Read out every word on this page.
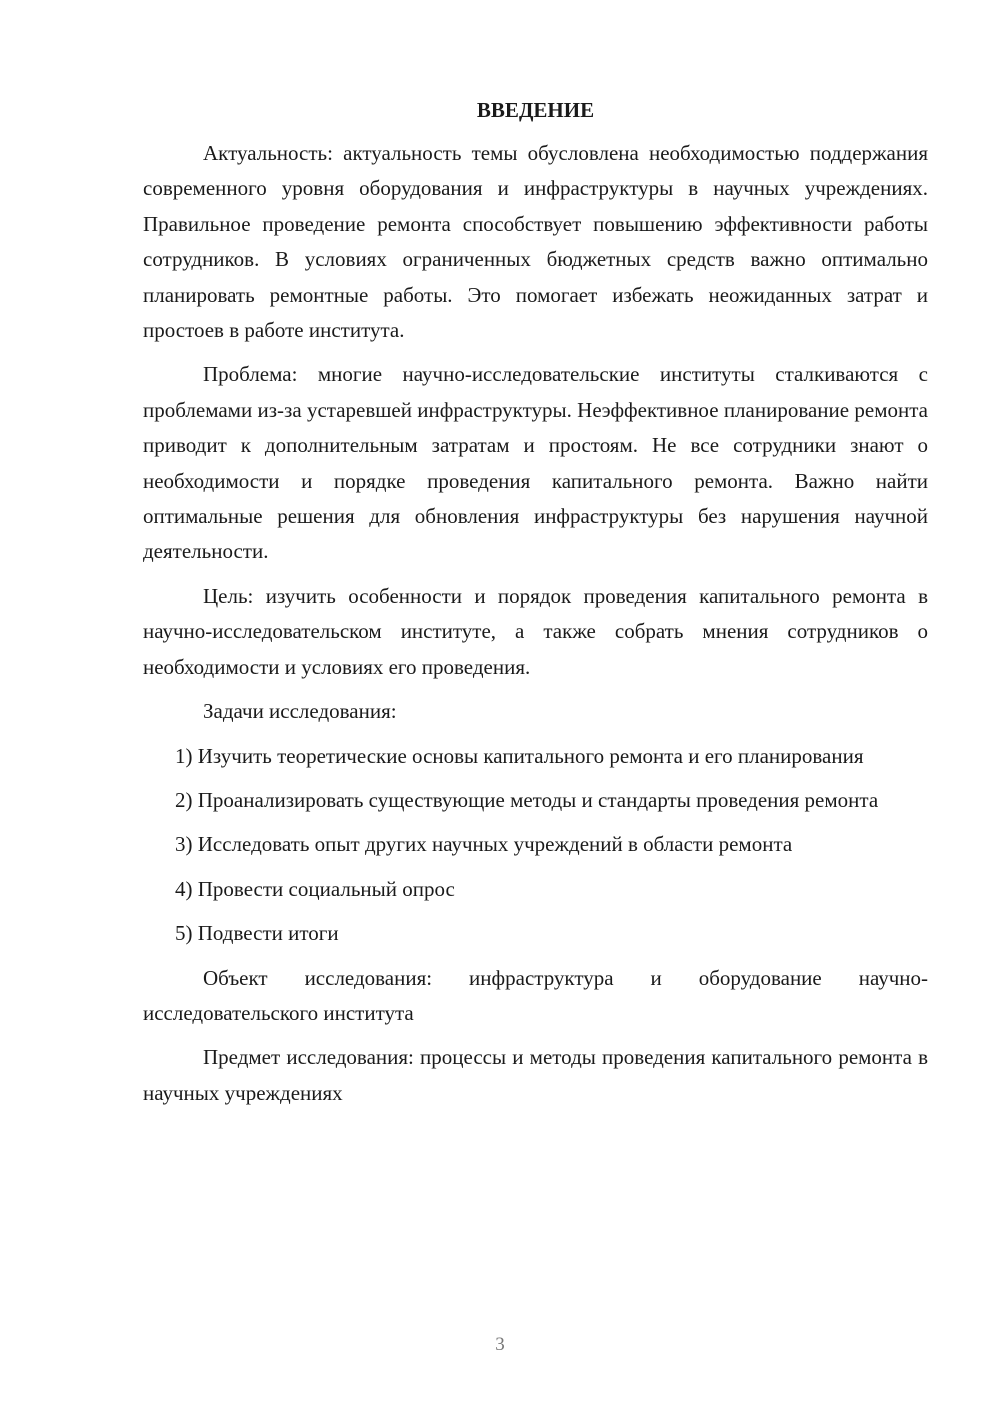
ВВЕДЕНИЕ

Актуальность: актуальность темы обусловлена необходимостью поддержания современного уровня оборудования и инфраструктуры в научных учреждениях. Правильное проведение ремонта способствует повышению эффективности работы сотрудников. В условиях ограниченных бюджетных средств важно оптимально планировать ремонтные работы. Это помогает избежать неожиданных затрат и простоев в работе института.

Проблема: многие научно-исследовательские институты сталкиваются с проблемами из-за устаревшей инфраструктуры. Неэффективное планирование ремонта приводит к дополнительным затратам и простоям. Не все сотрудники знают о необходимости и порядке проведения капитального ремонта. Важно найти оптимальные решения для обновления инфраструктуры без нарушения научной деятельности.

Цель: изучить особенности и порядок проведения капитального ремонта в научно-исследовательском институте, а также собрать мнения сотрудников о необходимости и условиях его проведения.

Задачи исследования:

1) Изучить теоретические основы капитального ремонта и его планирования

2) Проанализировать существующие методы и стандарты проведения ремонта

3) Исследовать опыт других научных учреждений в области ремонта

4) Провести социальный опрос

5) Подвести итоги

Объект исследования: инфраструктура и оборудование научно-исследовательского института

Предмет исследования: процессы и методы проведения капитального ремонта в научных учреждениях

3
